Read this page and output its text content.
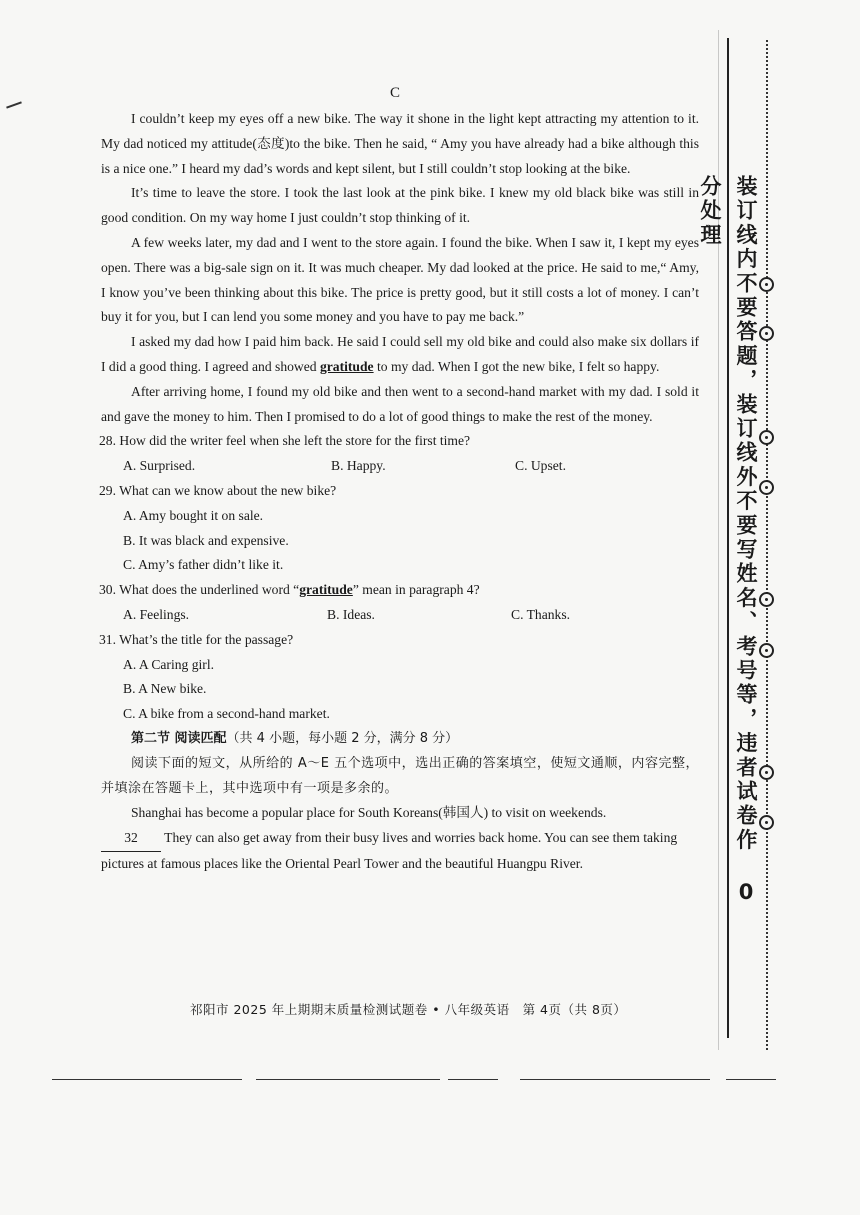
C

I couldn’t keep my eyes off a new bike. The way it shone in the light kept attracting my attention to it. My dad noticed my attitude(态度)to the bike. Then he said, “ Amy you have already had a bike although this is a nice one.” I heard my dad’s words and kept silent, but I still couldn’t stop looking at the bike.

It’s time to leave the store. I took the last look at the pink bike. I knew my old black bike was still in good condition. On my way home I just couldn’t stop thinking of it.

A few weeks later, my dad and I went to the store again. I found the bike. When I saw it, I kept my eyes open. There was a big-sale sign on it. It was much cheaper. My dad looked at the price. He said to me,“ Amy, I know you’ve been thinking about this bike. The price is pretty good, but it still costs a lot of money. I can’t buy it for you, but I can lend you some money and you have to pay me back.”

I asked my dad how I paid him back. He said I could sell my old bike and could also make six dollars if I did a good thing. I agreed and showed gratitude to my dad. When I got the new bike, I felt so happy.

After arriving home, I found my old bike and then went to a second-hand market with my dad. I sold it and gave the money to him. Then I promised to do a lot of good things to make the rest of the money.

28. How did the writer feel when she left the store for the first time?

A. Surprised.	B. Happy.	C. Upset.

29. What can we know about the new bike?

A. Amy bought it on sale.

B. It was black and expensive.

C. Amy’s father didn’t like it.

30. What does the underlined word “gratitude” mean in paragraph 4?

A. Feelings.	B. Ideas.	C. Thanks.

31. What’s the title for the passage?

A. A Caring girl.

B. A New bike.

C. A bike from a second-hand market.

第二节 阅读匹配（共 4 小题，每小题 2 分，满分 8 分）

阅读下面的短文，从所给的 A～E 五个选项中，选出正确的答案填空，使短文通顺，内容完整，并填涂在答题卡上，其中选项中有一项是多余的。

Shanghai has become a popular place for South Koreans(韩国人) to visit on weekends.

32 They can also get away from their busy lives and worries back home. You can see them taking pictures at famous places like the Oriental Pearl Tower and the beautiful Huangpu River.

祁阳市 2025 年上期期末质量检测试题卷 • 八年级英语　第 4页（共 8页）
装订线内不要答题，装订线外不要写姓名、考号等，违者试卷作 0 分处理
